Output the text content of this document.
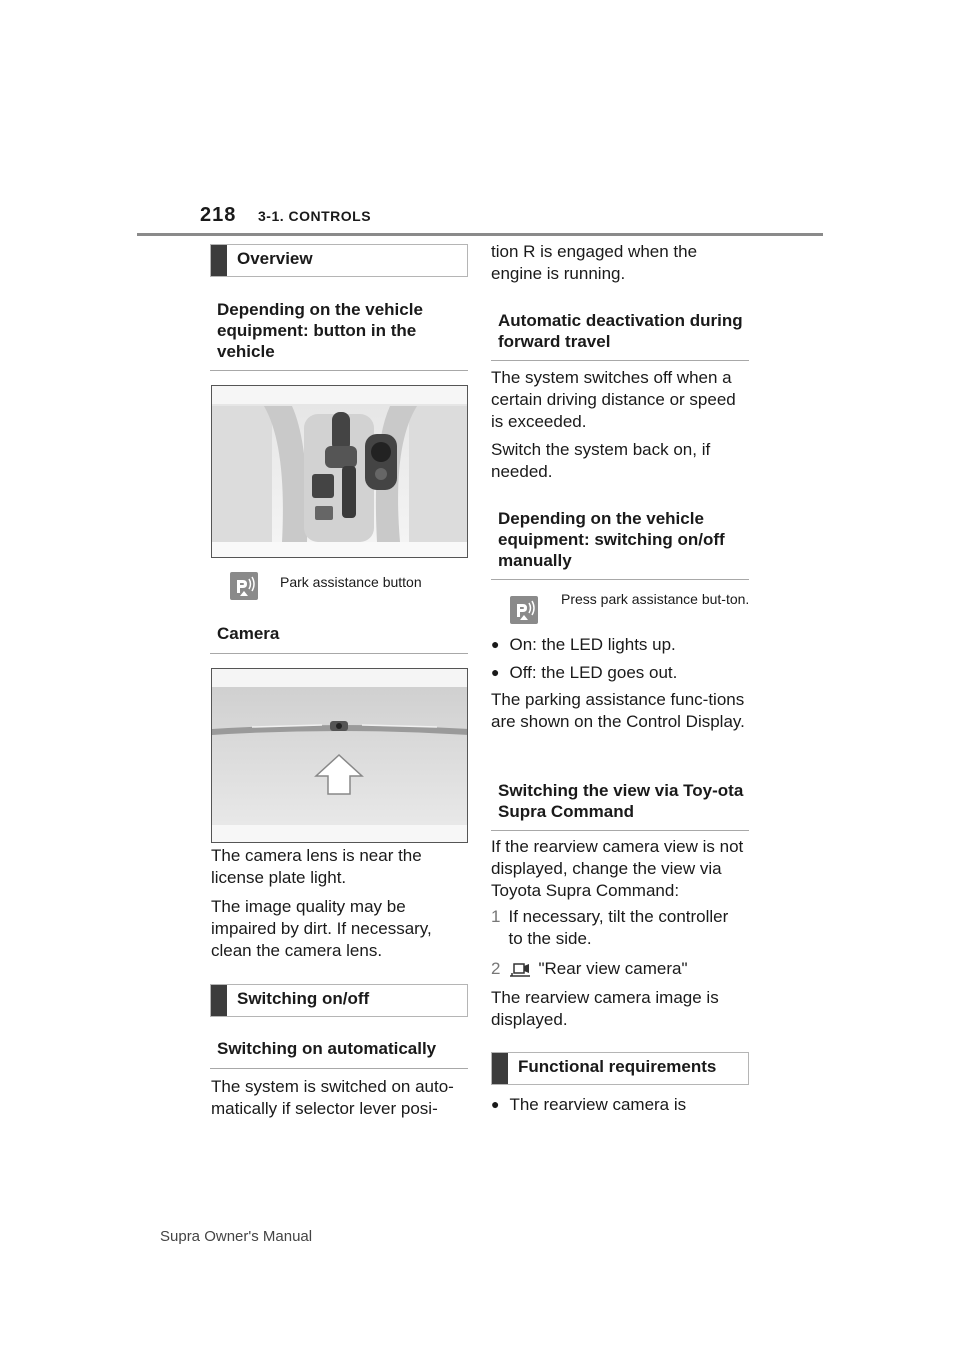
218 3-1. CONTROLS
Overview
Depending on the vehicle equipment: button in the vehicle
Park assistance button
Camera
The camera lens is near the license plate light.
The image quality may be impaired by dirt. If necessary, clean the camera lens.
Switching on/off
Switching on automatically
The system is switched on auto-matically if selector lever posi-
tion R is engaged when the engine is running.
Automatic deactivation during forward travel
The system switches off when a certain driving distance or speed is exceeded.
Switch the system back on, if needed.
Depending on the vehicle equipment: switching on/off manually
Press park assistance but-ton.
● On: the LED lights up.
● Off: the LED goes out.
The parking assistance func-tions are shown on the Control Display.
Switching the view via Toy-ota Supra Command
If the rearview camera view is not displayed, change the view via Toyota Supra Command:
1 If necessary, tilt the controller to the side.
2 "Rear view camera"
The rearview camera image is displayed.
Functional requirements
● The rearview camera is
Supra Owner's Manual
